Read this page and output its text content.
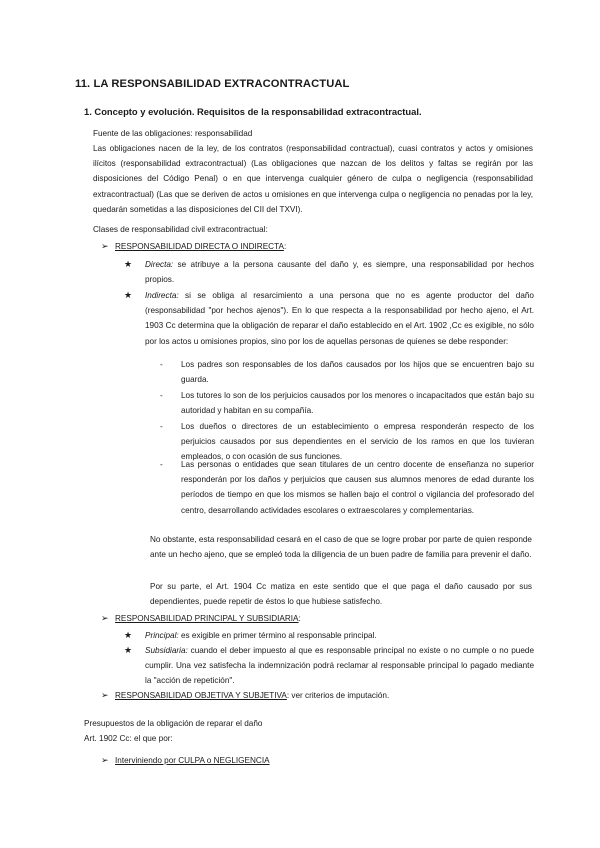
11. LA RESPONSABILIDAD EXTRACONTRACTUAL
1. Concepto y evolución. Requisitos de la responsabilidad extracontractual.

Fuente de las obligaciones: responsabilidad

Las obligaciones nacen de la ley, de los contratos (responsabilidad contractual), cuasi contratos y actos y omisiones ilícitos (responsabilidad extracontractual) (Las obligaciones que nazcan de los delitos y faltas se regirán por las disposiciones del Código Penal) o en que intervenga cualquier género de culpa o negligencia (responsabilidad extracontractual) (Las que se deriven de actos u omisiones en que intervenga culpa o negligencia no penadas por la ley, quedarán sometidas a las disposiciones del CII del TXVI).

Clases de responsabilidad civil extracontractual:

➢ RESPONSABILIDAD DIRECTA O INDIRECTA:
★ Directa: se atribuye a la persona causante del daño y, es siempre, una responsabilidad por hechos propios.
★ Indirecta: si se obliga al resarcimiento a una persona que no es agente productor del daño (responsabilidad "por hechos ajenos"). En lo que respecta a la responsabilidad por hecho ajeno, el Art. 1903 Cc determina que la obligación de reparar el daño establecido en el Art. 1902 ,Cc es exigible, no sólo por los actos u omisiones propios, sino por los de aquellas personas de quienes se debe responder:
- Los padres son responsables de los daños causados por los hijos que se encuentren bajo su guarda.
- Los tutores lo son de los perjuicios causados por los menores o incapacitados que están bajo su autoridad y habitan en su compañía.
- Los dueños o directores de un establecimiento o empresa responderán respecto de los perjuicios causados por sus dependientes en el servicio de los ramos en que los tuvieran empleados, o con ocasión de sus funciones.
- Las personas o entidades que sean titulares de un centro docente de enseñanza no superior responderán por los daños y perjuicios que causen sus alumnos menores de edad durante los períodos de tiempo en que los mismos se hallen bajo el control o vigilancia del profesorado del centro, desarrollando actividades escolares o extraescolares y complementarias.
No obstante, esta responsabilidad cesará en el caso de que se logre probar por parte de quien responde ante un hecho ajeno, que se empleó toda la diligencia de un buen padre de familia para prevenir el daño.
Por su parte, el Art. 1904 Cc matiza en este sentido que el que paga el daño causado por sus dependientes, puede repetir de éstos lo que hubiese satisfecho.
➢ RESPONSABILIDAD PRINCIPAL Y SUBSIDIARIA:
★ Principal: es exigible en primer término al responsable principal.
★ Subsidiaria: cuando el deber impuesto al que es responsable principal no existe o no cumple o no puede cumplir. Una vez satisfecha la indemnización podrá reclamar al responsable principal lo pagado mediante la "acción de repetición".
➢ RESPONSABILIDAD OBJETIVA Y SUBJETIVA: ver criterios de imputación.

Presupuestos de la obligación de reparar el daño

Art. 1902 Cc: el que por:

➢ Interviniendo por CULPA o NEGLIGENCIA
